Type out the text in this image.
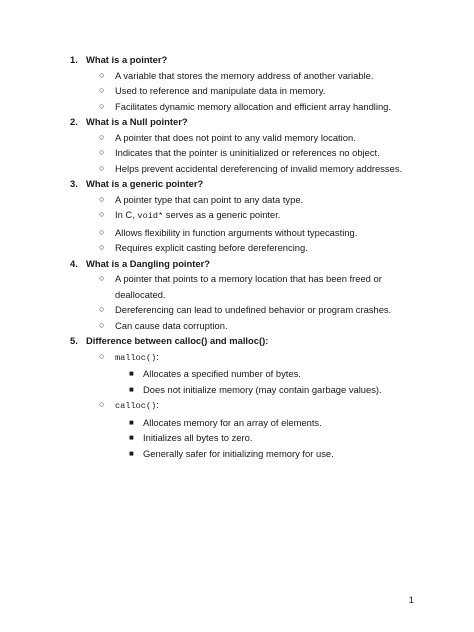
1. What is a pointer?

○ A variable that stores the memory address of another variable.

○ Used to reference and manipulate data in memory.

○ Facilitates dynamic memory allocation and efficient array handling.

2. What is a Null pointer?

○ A pointer that does not point to any valid memory location.

○ Indicates that the pointer is uninitialized or references no object.

○ Helps prevent accidental dereferencing of invalid memory addresses.

3. What is a generic pointer?

○ A pointer type that can point to any data type.

○ In C, void* serves as a generic pointer.

○ Allows flexibility in function arguments without typecasting.

○ Requires explicit casting before dereferencing.

4. What is a Dangling pointer?

○ A pointer that points to a memory location that has been freed or
deallocated.

○ Dereferencing can lead to undefined behavior or program crashes.

○ Can cause data corruption.

5. Difference between calloc() and malloc():

○ malloc():

■ Allocates a specified number of bytes.

■ Does not initialize memory (may contain garbage values).

○ calloc():

■ Allocates memory for an array of elements.

■ Initializes all bytes to zero.

■ Generally safer for initializing memory for use.

1
